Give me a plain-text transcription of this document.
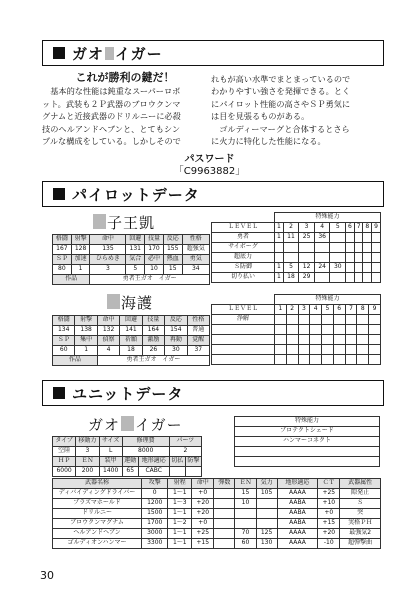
ガオ イガー

これが勝利の鍵だ！

　基本的な性能は鈍重なスーパーロボ

ット。武装も２Ｐ武器のブロウクンマ

グナムと近接武器のドリルニーに必殺

技のヘルアンドヘブンと、とてもシン

プルな構成をしている。しかしそので

れもが高い水準でまとまっているので

わかりやすい強さを発揮できる。とく

にパイロット性能の高さやＳＰ勇気に

は目を見張るものがある。

　ゴルディーマーグと合体するとさら

に火力に特化した性能になる。

パスワード
「C9963882」
パイロットデータ
子王凱
格闘	射撃	命中	回避	技量	反応	性格
167	128	135	131	170	155	超強気
ＳＰ	加速	ひらめき	気合	必中	熱血	勇気
80	1	3	5	10	15	34
作品		勇者王ガオ　イガー				
	特殊能力								
ＬＥＶＥＬ	1	2	3	4	5	6	7	8	9
勇者	1	11	25	36					
サイボーグ									
超底力									
Ｓ防御	1	5	12	24	30				
切り払い	1	18	29						
海護
格闘	射撃	命中	回避	技量	反応	性格
134	138	132	141	164	154	普通
ＳＰ	集中	偵察	祈願	激励	再動	覚醒
60	1	4	18	26	30	37
作品		勇者王ガオ　イガー				
	特殊能力								
ＬＥＶＥＬ	1	2	3	4	5	6	7	8	9
浄解									

ユニットデータ
ガオ イガー
タイプ	移動力	サイズ	修理費		パーツ	
空陸	3	L	8000		2	
ＨＰ	ＥＮ	装甲	運動	地形適応	切払	防撃
6000	200	1400	65	CABC		
	特殊能力
	プロテクトシェード
	ハンマーコネクト

武器名称	攻撃	射程	命中	弾数	ＥＮ	気力	地形適応	ＣＴ	武器属性
ディバイディングドライバー	0	1～1	+0		15	105	AAAA	+25	隙発止
プラズマホールド	1200	1～3	+20		10		AABA	+10	Ｓ
ドリルニー	1500	1～1	+20				AABA	+0	突
ブロウクンマグナム	1700	1～2	+0				AABA	+15	実格ＰＨ
ヘルアンドヘブン	3000	1～1	+25		70	125	AAAA	+20	最強気2
ゴルディオンハンマー	3300	1～1	+15		60	130	AAAA	-10	超弾撃曲
30
